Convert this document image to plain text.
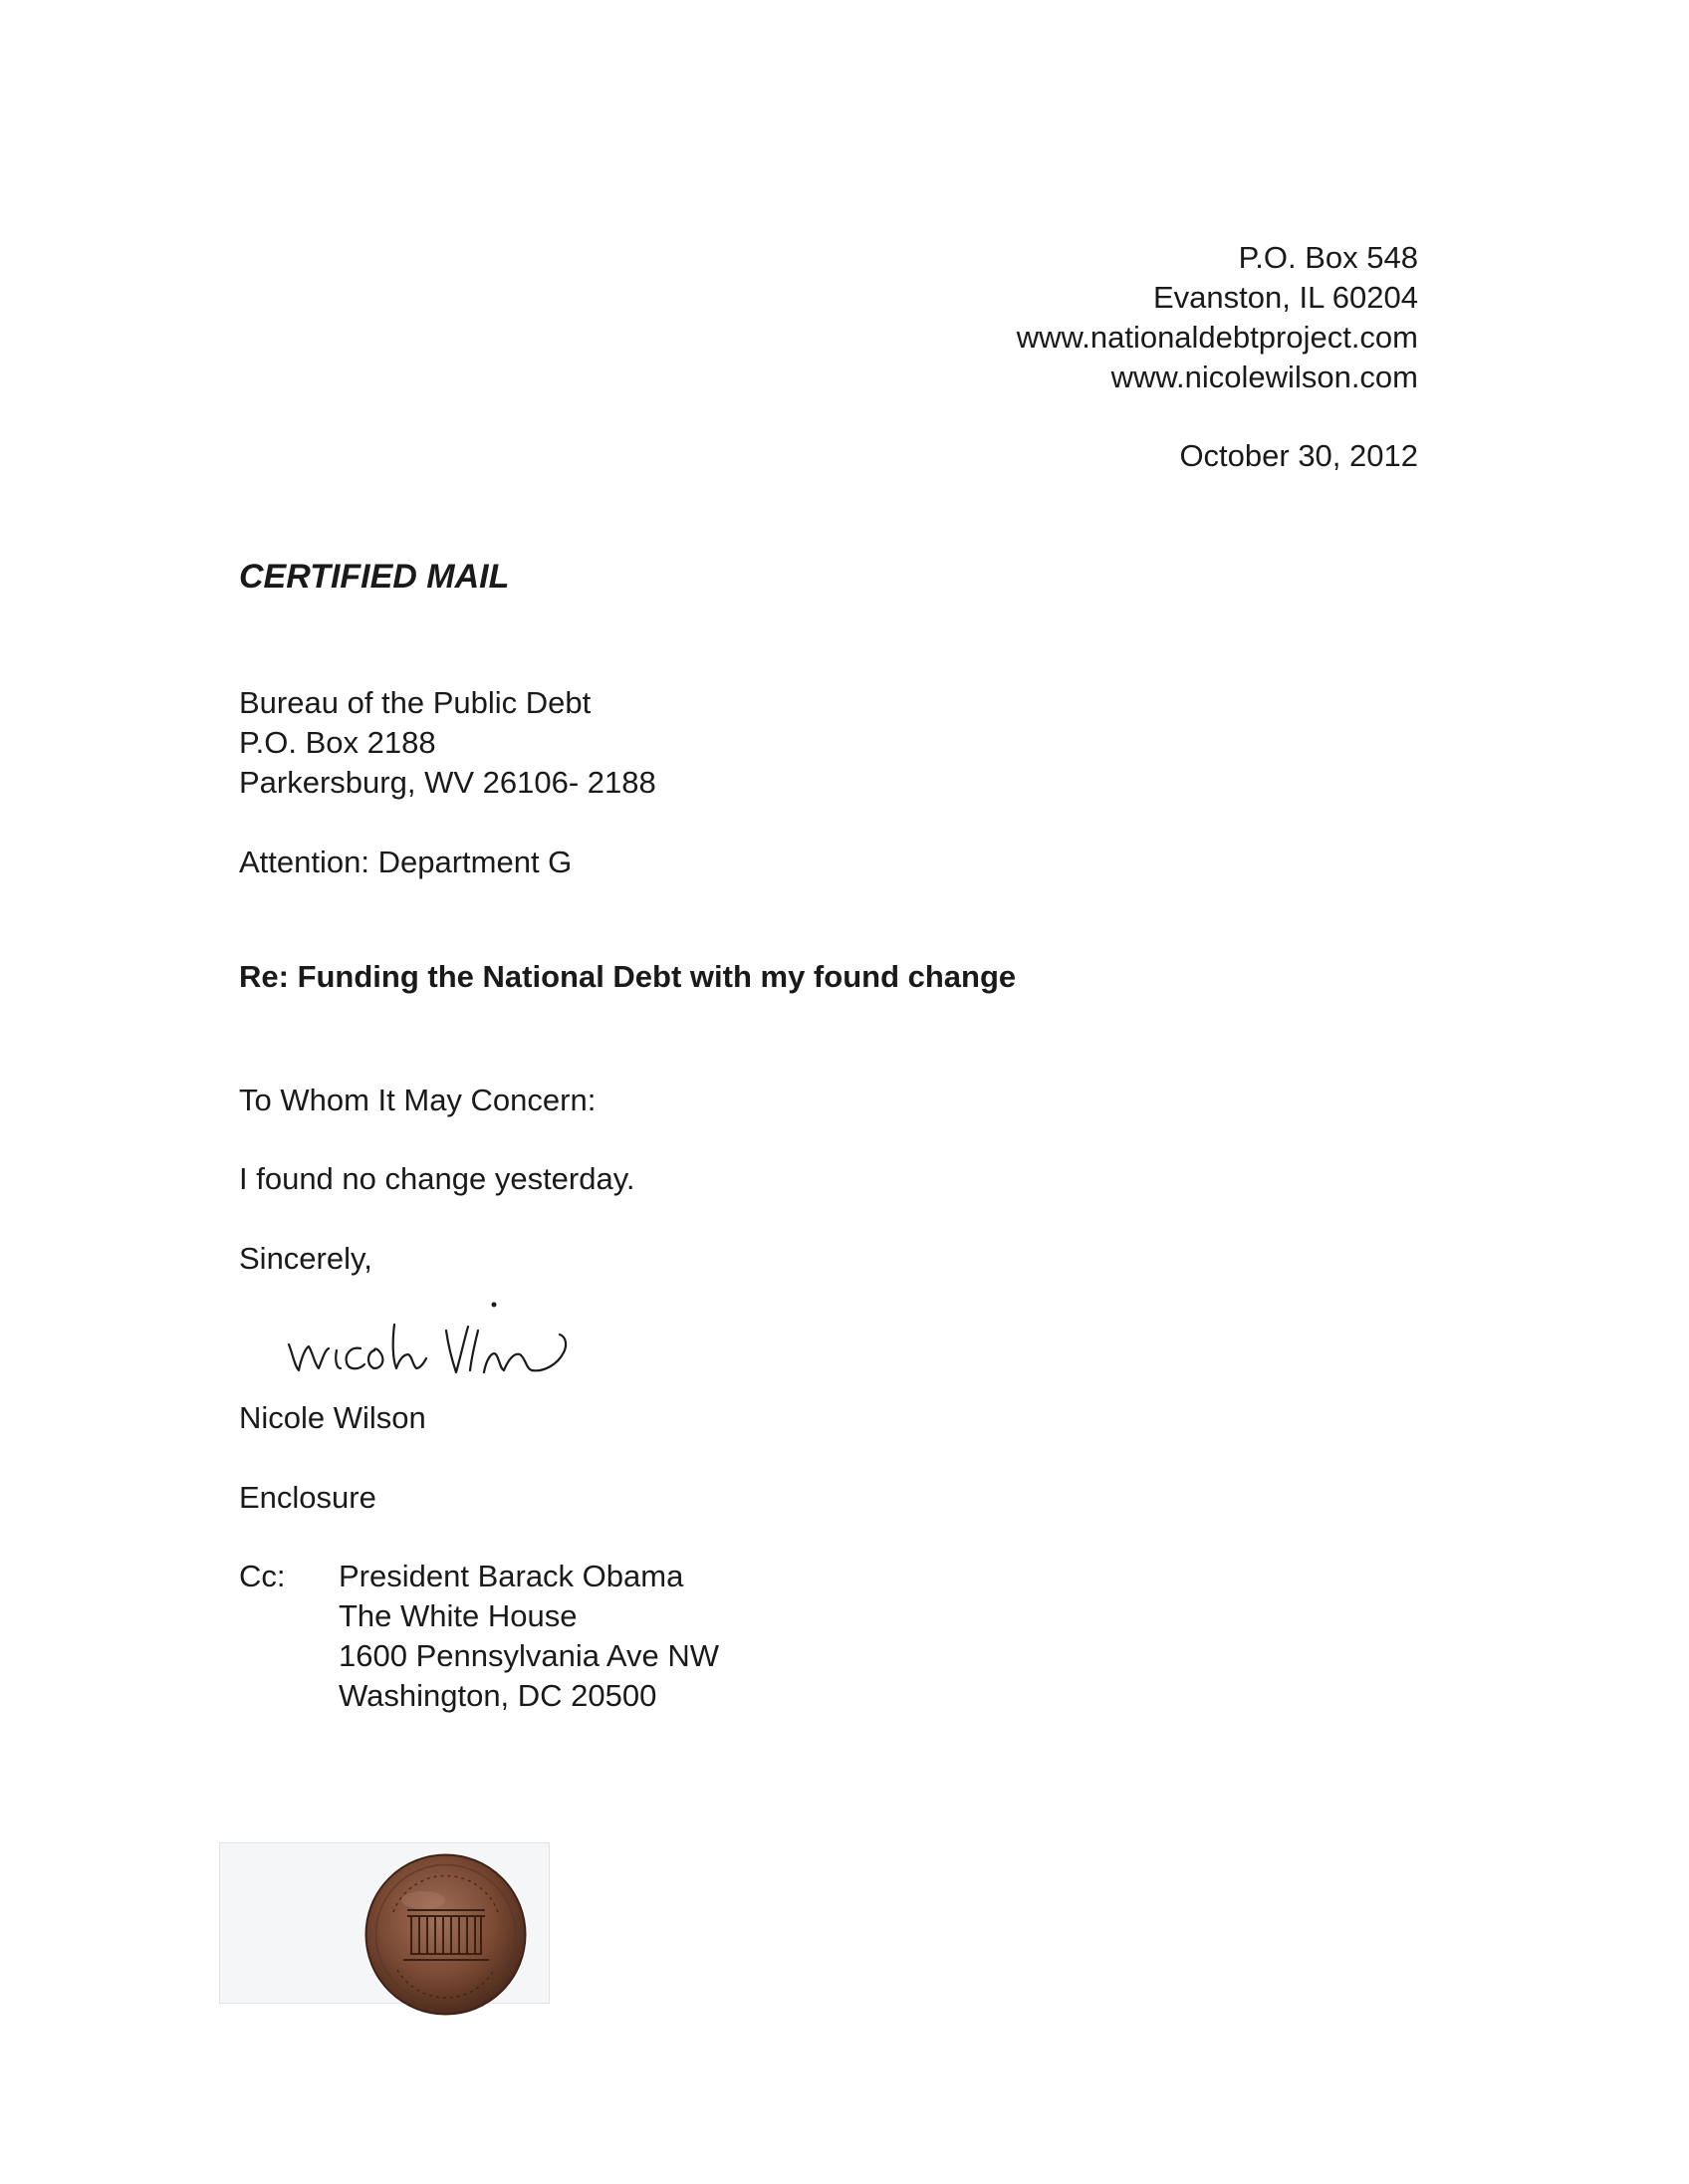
P.O. Box 548
Evanston, IL 60204
www.nationaldebtproject.com
www.nicolewilson.com
October 30, 2012
CERTIFIED MAIL
Bureau of the Public Debt
P.O. Box 2188
Parkersburg, WV 26106- 2188
Attention: Department G
Re: Funding the National Debt with my found change
To Whom It May Concern:
I found no change yesterday.
Sincerely,
Nicole Wilson
Enclosure
Cc: President Barack Obama
The White House
1600 Pennsylvania Ave NW
Washington, DC 20500
